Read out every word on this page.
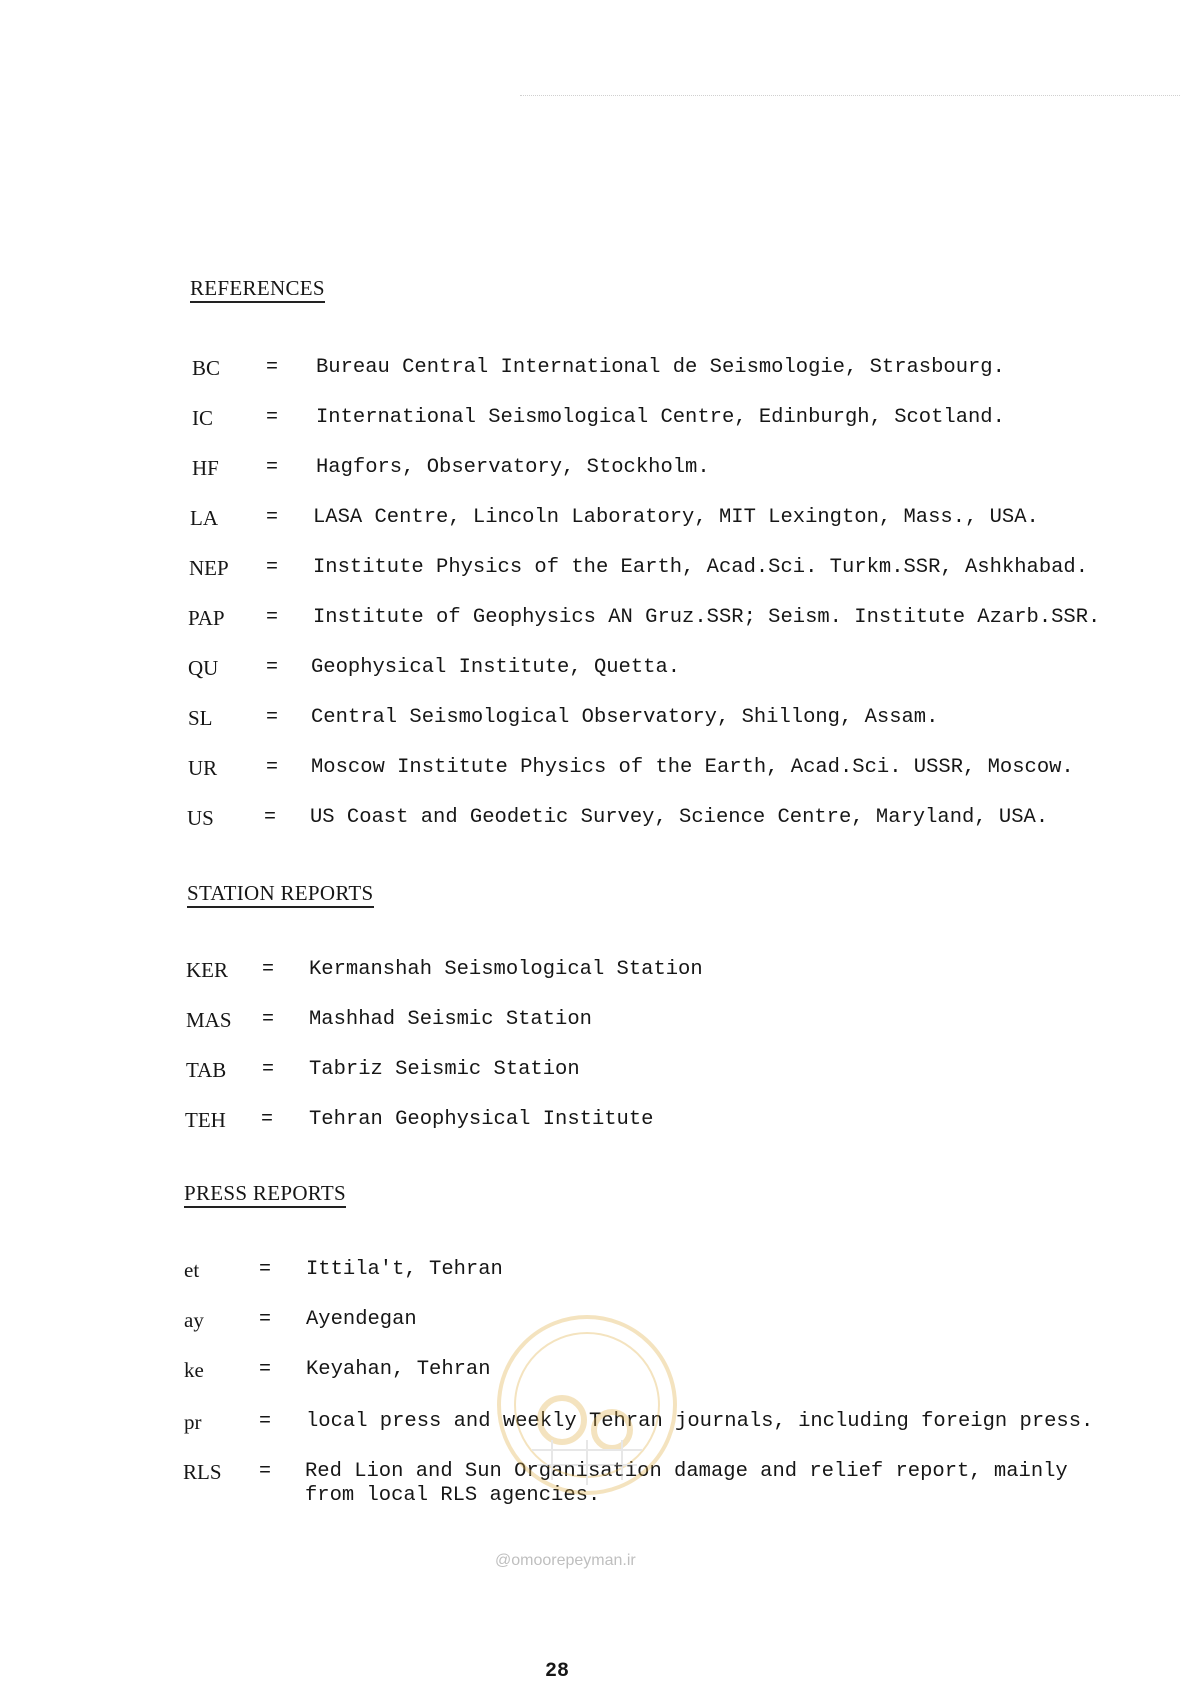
REFERENCES
BC = Bureau Central International de Seismologie, Strasbourg.
IC	= International Seismological Centre, Edinburgh, Scotland.
HF = Hagfors, Observatory, Stockholm.
LA = LASA Centre, Lincoln Laboratory, MIT Lexington, Mass., USA.
NEP = Institute Physics of the Earth, Acad.Sci. Turkm.SSR, Ashkhabad.
PAP = Institute of Geophysics AN Gruz.SSR; Seism. Institute Azarb.SSR.
QU = Geophysical Institute, Quetta.
SL	= Central Seismological Observatory, Shillong, Assam.
UR = Moscow Institute Physics of the Earth, Acad.Sci. USSR, Moscow.
US	= US Coast and Geodetic Survey, Science Centre, Maryland, USA.
STATION REPORTS
KER = Kermanshah Seismological Station
MAS = Mashhad Seismic Station
TAB = Tabriz Seismic Station
TEH = Tehran Geophysical Institute
PRESS REPORTS
et	= Ittila't, Tehran
ay	= Ayendegan
ke	= Keyahan, Tehran
pr	= local press and weekly Tehran journals, including foreign press.
RLS = Red Lion and Sun Organisation damage and relief report, mainly from local RLS agencies.
@omoorepeyman.ir
28
